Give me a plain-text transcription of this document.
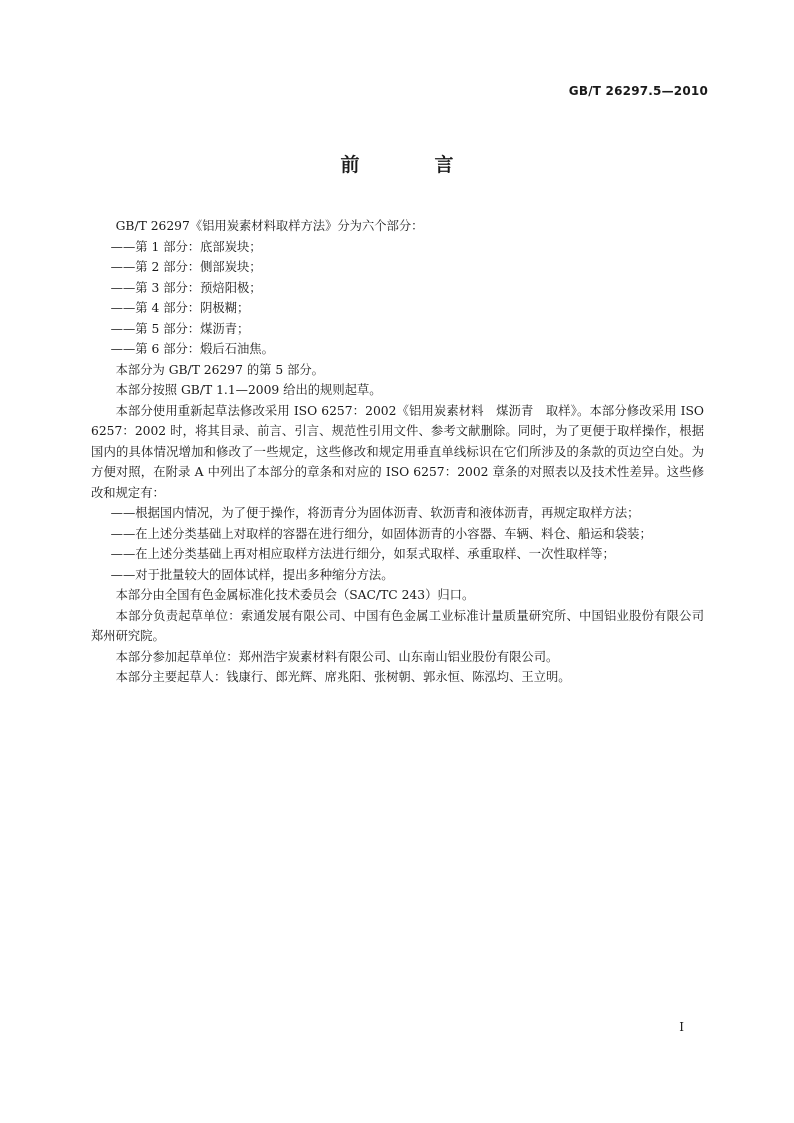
GB/T 26297.5—2010
前　言

GB/T 26297《铝用炭素材料取样方法》分为六个部分：

——第 1 部分：底部炭块；

——第 2 部分：侧部炭块；

——第 3 部分：预焙阳极；

——第 4 部分：阴极糊；

——第 5 部分：煤沥青；

——第 6 部分：煅后石油焦。

本部分为 GB/T 26297 的第 5 部分。

本部分按照 GB/T 1.1—2009 给出的规则起草。

本部分使用重新起草法修改采用 ISO 6257：2002《铝用炭素材料　煤沥青　取样》。本部分修改采用 ISO 6257：2002 时，将其目录、前言、引言、规范性引用文件、参考文献删除。同时，为了更便于取样操作，根据国内的具体情况增加和修改了一些规定，这些修改和规定用垂直单线标识在它们所涉及的条款的页边空白处。为方便对照，在附录 A 中列出了本部分的章条和对应的 ISO 6257：2002 章条的对照表以及技术性差异。这些修改和规定有：

——根据国内情况，为了便于操作，将沥青分为固体沥青、软沥青和液体沥青，再规定取样方法；

——在上述分类基础上对取样的容器在进行细分，如固体沥青的小容器、车辆、料仓、船运和袋装；

——在上述分类基础上再对相应取样方法进行细分，如泵式取样、承重取样、一次性取样等；

——对于批量较大的固体试样，提出多种缩分方法。

本部分由全国有色金属标准化技术委员会（SAC/TC 243）归口。

本部分负责起草单位：索通发展有限公司、中国有色金属工业标准计量质量研究所、中国铝业股份有限公司郑州研究院。

本部分参加起草单位：郑州浩宇炭素材料有限公司、山东南山铝业股份有限公司。

本部分主要起草人：钱康行、郎光辉、席兆阳、张树朝、郭永恒、陈泓均、王立明。

I
